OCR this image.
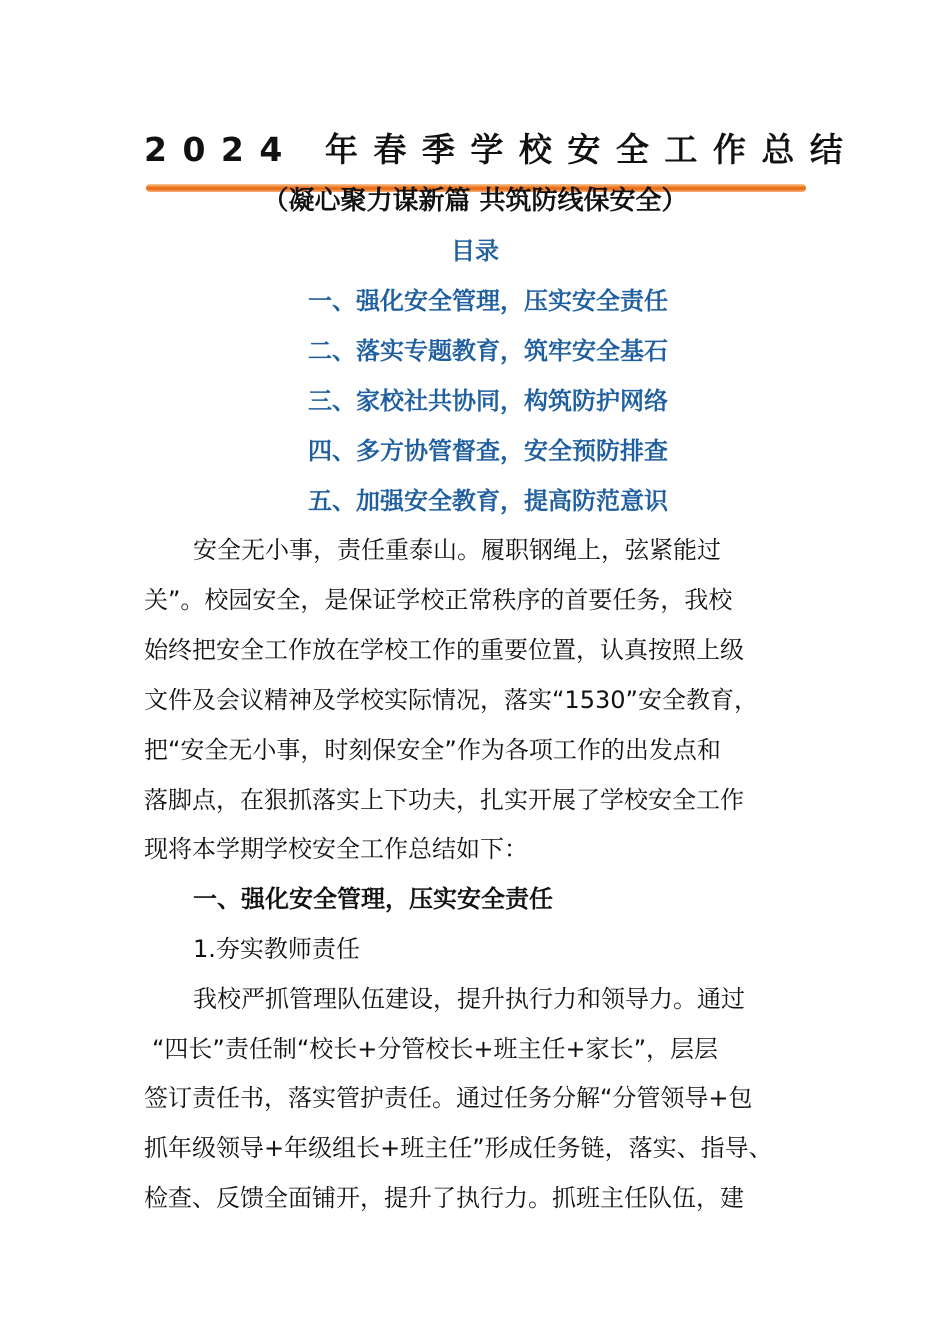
2024 年春季学校安全工作总结
（凝心聚力谋新篇 共筑防线保安全）
目录
一、强化安全管理，压实安全责任
二、落实专题教育，筑牢安全基石
三、家校社共协同，构筑防护网络
四、多方协管督查，安全预防排查
五、加强安全教育，提高防范意识
安全无小事，责任重泰山。履职钢绳上，弦紧能过
关”。校园安全，是保证学校正常秩序的首要任务，我校
始终把安全工作放在学校工作的重要位置，认真按照上级
文件及会议精神及学校实际情况，落实“1530”安全教育，
把“安全无小事，时刻保安全”作为各项工作的出发点和
落脚点，在狠抓落实上下功夫，扎实开展了学校安全工作
现将本学期学校安全工作总结如下：
一、强化安全管理，压实安全责任
1.夯实教师责任
我校严抓管理队伍建设，提升执行力和领导力。通过
“四长”责任制“校长+分管校长+班主任+家长”，层层
签订责任书，落实管护责任。通过任务分解“分管领导+包
抓年级领导+年级组长+班主任”形成任务链，落实、指导、
检查、反馈全面铺开，提升了执行力。抓班主任队伍，建
